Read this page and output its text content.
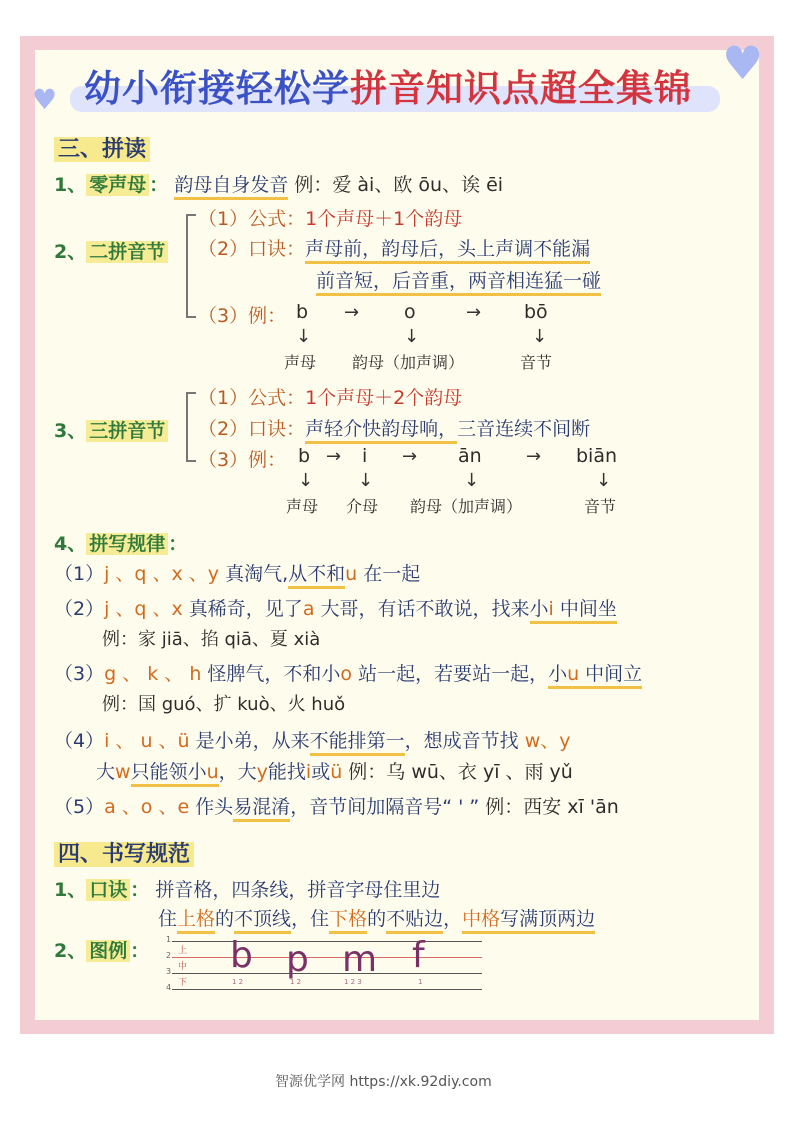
♥
♥
幼小衔接轻松学拼音知识点超全集锦
三、拼读
1、 零声母 ： 韵母自身发音 例：爱 ài、欧 ōu、诶 ēi
2、 二拼音节
（1）公式：1个声母＋1个韵母
（2）口诀：声母前，韵母后，头上声调不能漏
前音短，后音重，两音相连猛一碰
（3）例： b → o	→ bō
↓	↓	↓
声母 韵母（加声调）	音节
3、 三拼音节
（1）公式：1个声母＋2个韵母
（2）口诀：声轻介快韵母响，三音连续不间断
（3）例： b → i → ān → biān
↓ ↓	↓	↓
声母 介母 韵母（加声调）	音节
4、 拼写规律 ：
（1）j 、q 、x 、y 真淘气,从不和u 在一起
（2）j 、q 、x 真稀奇，见了a 大哥，有话不敢说，找来小i 中间坐
例：家 jiā、掐 qiā、夏 xià
（3）g 、 k 、 h 怪脾气，不和小o 站一起，若要站一起，小u 中间立
例：国 guó、扩 kuò、火 huǒ
（4）i 、 u 、ü 是小弟，从来不能排第一，想成音节找 w、y
大w只能领小u，大y能找i或ü 例：乌 wū、衣 yī 、雨 yǔ
（5）a 、o 、e 作头易混淆，音节间加隔音号“ ' ” 例：西安 xī 'ān
四、书写规范
1、 口诀 ： 拼音格，四条线，拼音字母住里边
住上格的不顶线，住下格的不贴边，中格写满顶两边
2、 图例 ：
1
2
3
4
上
中
下
b p m f
1 2	1 2	1 2 3	1
智源优学网 https://xk.92diy.com
